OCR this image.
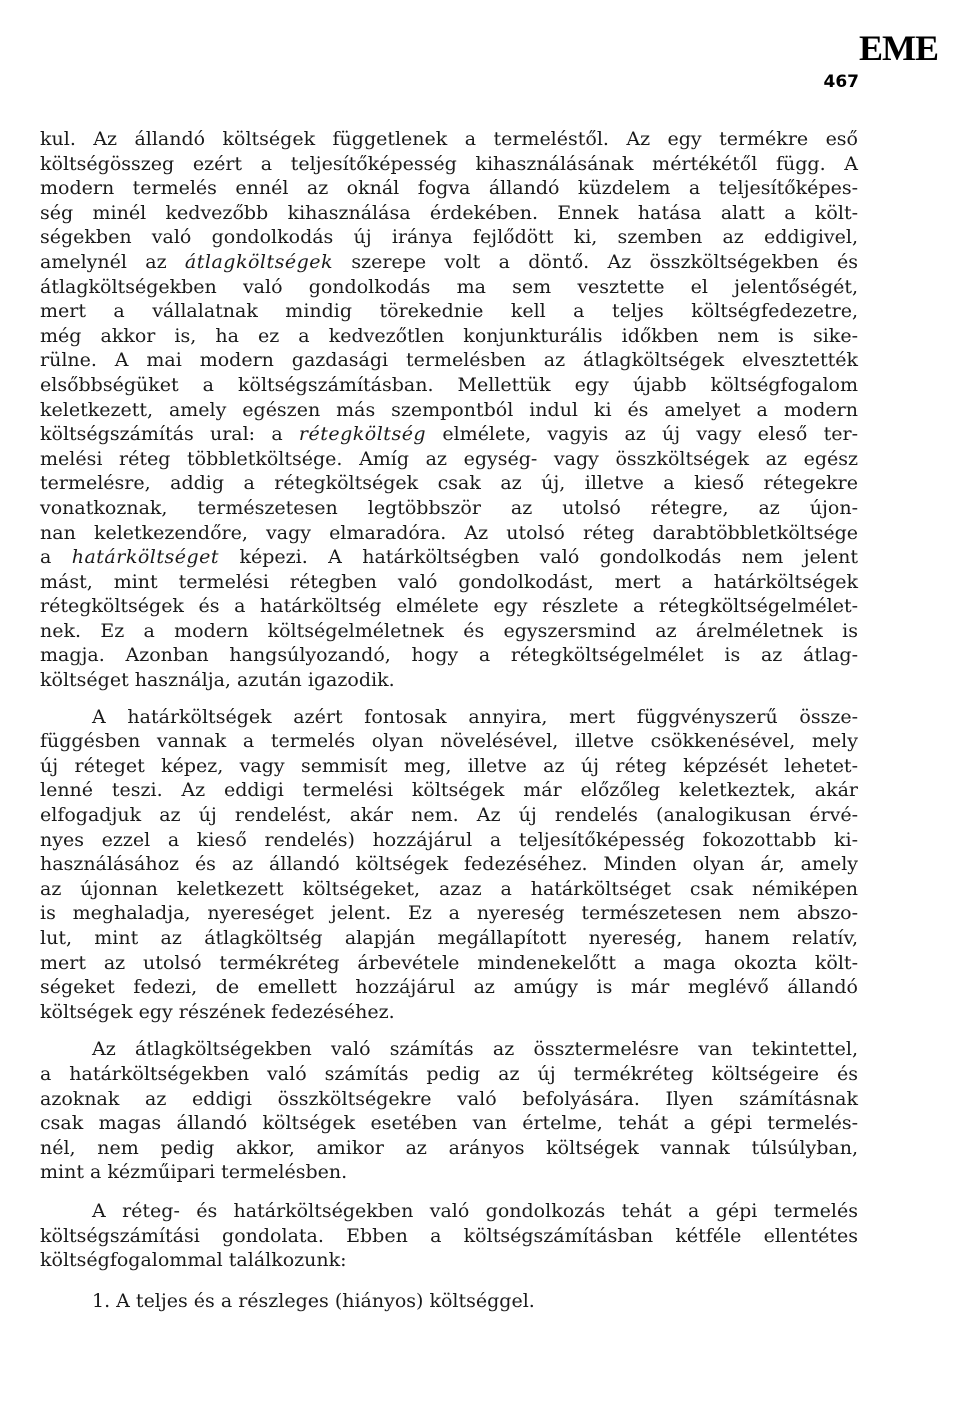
EME
467

kul. Az állandó költségek függetlenek a termeléstől. Az egy termékre eső
költségösszeg ezért a teljesítőképesség kihasználásának mértékétől függ. A
modern termelés ennél az oknál fogva állandó küzdelem a teljesítőképes-
ség minél kedvezőbb kihasználása érdekében. Ennek hatása alatt a költ-
ségekben való gondolkodás új iránya fejlődött ki, szemben az eddigivel,
amelynél az átlagköltségek szerepe volt a döntő. Az összköltségekben és
átlagköltségekben való gondolkodás ma sem vesztette el jelentőségét,
mert a vállalatnak mindig törekednie kell a teljes költségfedezetre,
még akkor is, ha ez a kedvezőtlen konjunkturális időkben nem is sike-
rülne. A mai modern gazdasági termelésben az átlagköltségek elvesztették
elsőbbségüket a költségszámításban. Mellettük egy újabb költségfogalom
keletkezett, amely egészen más szempontból indul ki és amelyet a modern
költségszámítás ural: a rétegköltség elmélete, vagyis az új vagy eleső ter-
melési réteg többletköltsége. Amíg az egység- vagy összköltségek az egész
termelésre, addig a rétegköltségek csak az új, illetve a kieső rétegekre
vonatkoznak, természetesen legtöbbször az utolsó rétegre, az újon-
nan keletkezendőre, vagy elmaradóra. Az utolsó réteg darabtöbbletköltsége
a határköltséget képezi. A határköltségben való gondolkodás nem jelent
mást, mint termelési rétegben való gondolkodást, mert a határköltségek
rétegköltségek és a határköltség elmélete egy részlete a rétegköltségelmélet-
nek. Ez a modern költségelméletnek és egyszersmind az árelméletnek is
magja. Azonban hangsúlyozandó, hogy a rétegköltségelmélet is az átlag-
költséget használja, azután igazodik.

A határköltségek azért fontosak annyira, mert függvényszerű össze-
függésben vannak a termelés olyan növelésével, illetve csökkenésével, mely
új réteget képez, vagy semmisít meg, illetve az új réteg képzését lehetet-
lenné teszi. Az eddigi termelési költségek már előzőleg keletkeztek, akár
elfogadjuk az új rendelést, akár nem. Az új rendelés (analogikusan érvé-
nyes ezzel a kieső rendelés) hozzájárul a teljesítőképesség fokozottabb ki-
használásához és az állandó költségek fedezéséhez. Minden olyan ár, amely
az újonnan keletkezett költségeket, azaz a határköltséget csak némiképen
is meghaladja, nyereséget jelent. Ez a nyereség természetesen nem abszo-
lut, mint az átlagköltség alapján megállapított nyereség, hanem relatív,
mert az utolsó termékréteg árbevétele mindenekelőtt a maga okozta költ-
ségeket fedezi, de emellett hozzájárul az amúgy is már meglévő állandó
költségek egy részének fedezéséhez.

Az átlagköltségekben való számítás az össztermelésre van tekintettel,
a határköltségekben való számítás pedig az új termékréteg költségeire és
azoknak az eddigi összköltségekre való befolyására. Ilyen számításnak
csak magas állandó költségek esetében van értelme, tehát a gépi termelés-
nél, nem pedig akkor, amikor az arányos költségek vannak túlsúlyban,
mint a kézműipari termelésben.

A réteg- és határköltségekben való gondolkozás tehát a gépi termelés
költségszámítási gondolata. Ebben a költségszámításban kétféle ellentétes
költségfogalommal találkozunk:

1. A teljes és a részleges (hiányos) költséggel.
